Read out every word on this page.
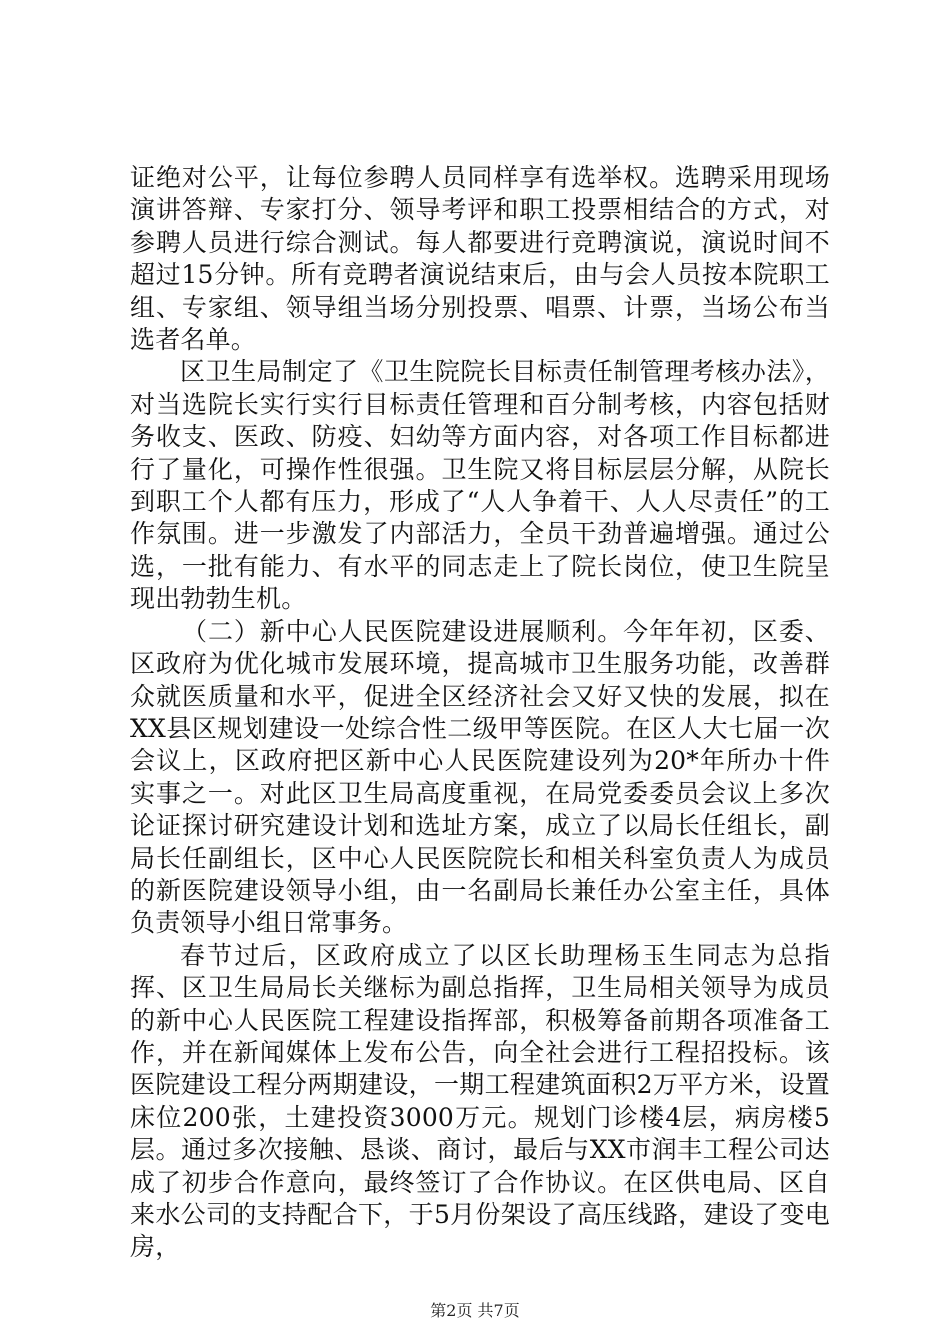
证绝对公平，让每位参聘人员同样享有选举权。选聘采用现场演讲答辩、专家打分、领导考评和职工投票相结合的方式，对参聘人员进行综合测试。每人都要进行竞聘演说，演说时间不超过15分钟。所有竞聘者演说结束后，由与会人员按本院职工组、专家组、领导组当场分别投票、唱票、计票，当场公布当选者名单。

区卫生局制定了《卫生院院长目标责任制管理考核办法》，对当选院长实行实行目标责任管理和百分制考核，内容包括财务收支、医政、防疫、妇幼等方面内容，对各项工作目标都进行了量化，可操作性很强。卫生院又将目标层层分解，从院长到职工个人都有压力，形成了“人人争着干、人人尽责任”的工作氛围。进一步激发了内部活力，全员干劲普遍增强。通过公选，一批有能力、有水平的同志走上了院长岗位，使卫生院呈现出勃勃生机。

（二）新中心人民医院建设进展顺利。今年年初，区委、区政府为优化城市发展环境，提高城市卫生服务功能，改善群众就医质量和水平，促进全区经济社会又好又快的发展，拟在XX县区规划建设一处综合性二级甲等医院。在区人大七届一次会议上，区政府把区新中心人民医院建设列为20*年所办十件实事之一。对此区卫生局高度重视，在局党委委员会议上多次论证探讨研究建设计划和选址方案，成立了以局长任组长，副局长任副组长，区中心人民医院院长和相关科室负责人为成员的新医院建设领导小组，由一名副局长兼任办公室主任，具体负责领导小组日常事务。

春节过后，区政府成立了以区长助理杨玉生同志为总指挥、区卫生局局长关继标为副总指挥，卫生局相关领导为成员的新中心人民医院工程建设指挥部，积极筹备前期各项准备工作，并在新闻媒体上发布公告，向全社会进行工程招投标。该医院建设工程分两期建设，一期工程建筑面积2万平方米，设置床位200张，土建投资3000万元。规划门诊楼4层，病房楼5层。通过多次接触、恳谈、商讨，最后与XX市润丰工程公司达成了初步合作意向，最终签订了合作协议。在区供电局、区自来水公司的支持配合下，于5月份架设了高压线路，建设了变电房，

第2页 共7页
